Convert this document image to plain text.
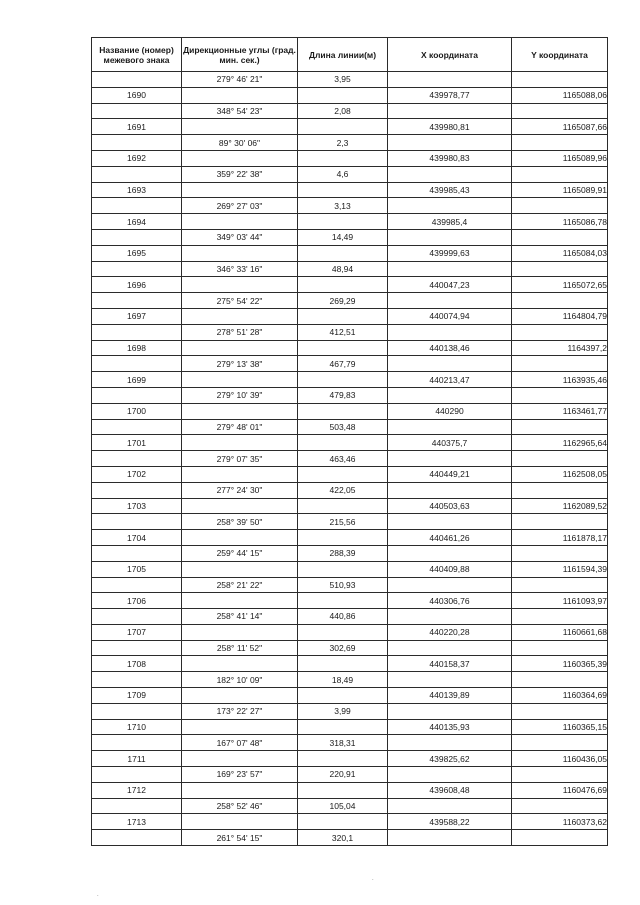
Название (номер) межевого знака	Дирекционные углы (град. мин. сек.)	Длина линии(м)	X координата	Y координата
	279° 46' 21"	3,95		
1690			439978,77	1165088,06
	348° 54' 23"	2,08		
1691			439980,81	1165087,66
	89° 30' 06"	2,3		
1692			439980,83	1165089,96
	359° 22' 38"	4,6		
1693			439985,43	1165089,91
	269° 27' 03"	3,13		
1694			439985,4	1165086,78
	349° 03' 44"	14,49		
1695			439999,63	1165084,03
	346° 33' 16"	48,94		
1696			440047,23	1165072,65
	275° 54' 22"	269,29		
1697			440074,94	1164804,79
	278° 51' 28"	412,51		
1698			440138,46	1164397,2
	279° 13' 38"	467,79		
1699			440213,47	1163935,46
	279° 10' 39"	479,83		
1700			440290	1163461,77
	279° 48' 01"	503,48		
1701			440375,7	1162965,64
	279° 07' 35"	463,46		
1702			440449,21	1162508,05
	277° 24' 30"	422,05		
1703			440503,63	1162089,52
	258° 39' 50"	215,56		
1704			440461,26	1161878,17
	259° 44' 15"	288,39		
1705			440409,88	1161594,39
	258° 21' 22"	510,93		
1706			440306,76	1161093,97
	258° 41' 14"	440,86		
1707			440220,28	1160661,68
	258° 11' 52"	302,69		
1708			440158,37	1160365,39
	182° 10' 09"	18,49		
1709			440139,89	1160364,69
	173° 22' 27"	3,99		
1710			440135,93	1160365,15
	167° 07' 48"	318,31		
1711			439825,62	1160436,05
	169° 23' 57"	220,91		
1712			439608,48	1160476,69
	258° 52' 46"	105,04		
1713			439588,22	1160373,62
	261° 54' 15"	320,1		
.
.
